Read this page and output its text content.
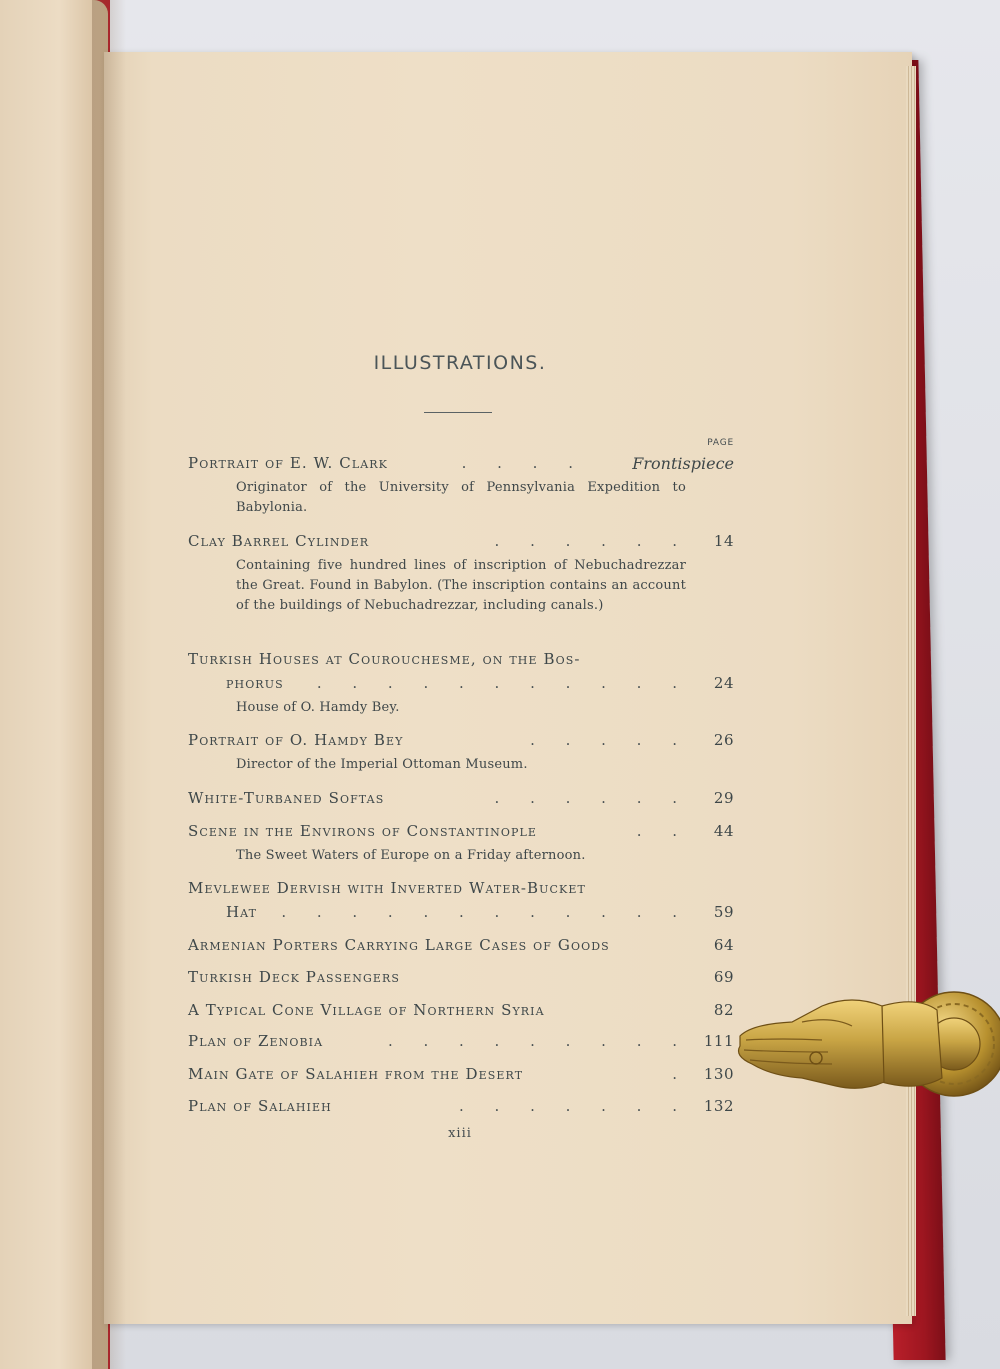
ILLUSTRATIONS.
PAGE
Portrait of E. W. Clark	. . . .	Frontispiece
Originator of the University of Pennsylvania Expedition to Babylonia.
Clay Barrel Cylinder	. . . . . . 14
Containing five hundred lines of inscription of Nebuchadrezzar the Great. Found in Babylon. (The inscription contains an account of the buildings of Nebuchadrezzar, including canals.)
Turkish Houses at Courouchesme, on the Bos-
phorus . . . . . . . . . . . 24
House of O. Hamdy Bey.
Portrait of O. Hamdy Bey	. . . . . 26
Director of the Imperial Ottoman Museum.
White-Turbaned Softas	. . . . . . 29
Scene in the Environs of Constantinople	. . 44
The Sweet Waters of Europe on a Friday afternoon.
Mevlewee Dervish with Inverted Water-Bucket
Hat . . . . . . . . . . . . 59
Armenian Porters Carrying Large Cases of Goods	64
Turkish Deck Passengers	69
A Typical Cone Village of Northern Syria	82
Plan of Zenobia	. . . . . . . . . 111
Main Gate of Salahieh from the Desert	. 130
Plan of Salahieh	. . . . . . . 132
xiii
